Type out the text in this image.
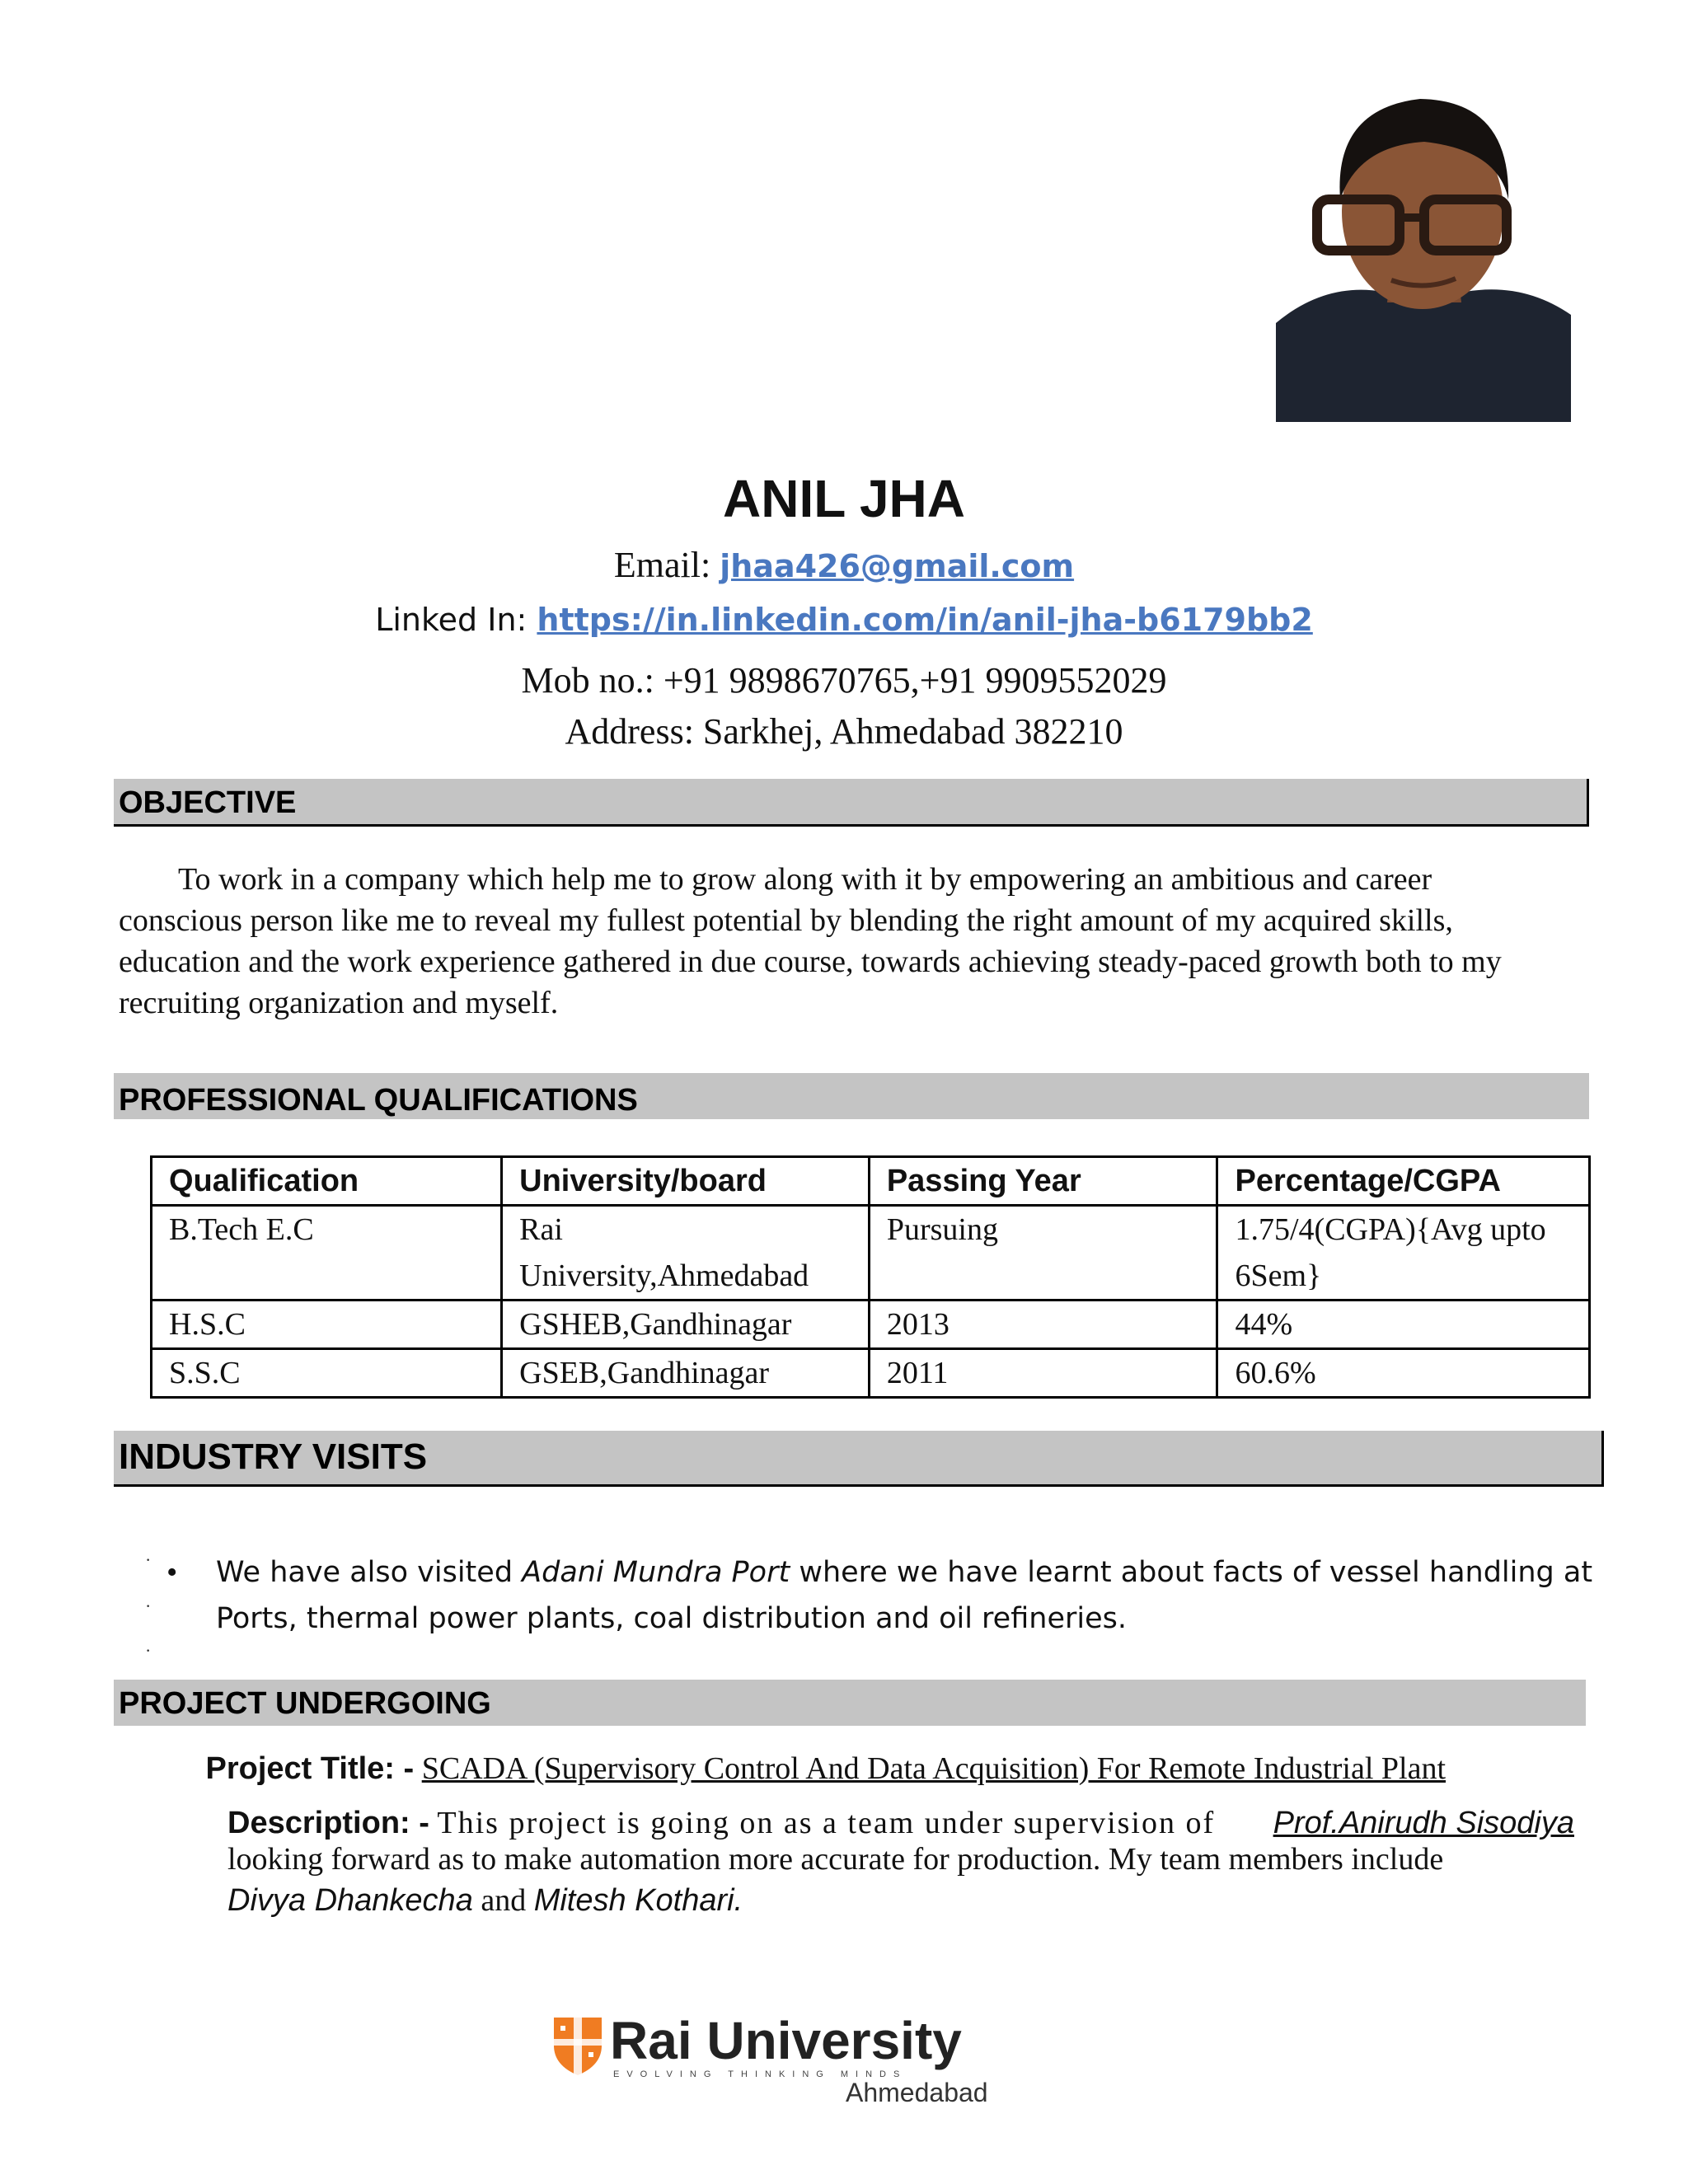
ANIL JHA
Email: jhaa426@gmail.com
Linked In: https://in.linkedin.com/in/anil-jha-b6179bb2
Mob no.: +91 9898670765,+91 9909552029
Address: Sarkhej, Ahmedabad 382210
OBJECTIVE
To work in a company which help me to grow along with it by empowering an ambitious and career conscious person like me to reveal my fullest potential by blending the right amount of my acquired skills, education and the work experience gathered in due course, towards achieving steady-paced growth both to my recruiting organization and myself.
PROFESSIONAL QUALIFICATIONS
Qualification	University/board	Passing Year	Percentage/CGPA
B.Tech E.C	Rai University,Ahmedabad	Pursuing	1.75/4(CGPA){Avg upto 6Sem}
H.S.C	GSHEB,Gandhinagar	2013	44%
S.S.C	GSEB,Gandhinagar	2011	60.6%
INDUSTRY VISITS
·
·
·
• We have also visited Adani Mundra Port where we have learnt about facts of vessel handling at Ports, thermal power plants, coal distribution and oil refineries.
PROJECT UNDERGOING
Project Title: - SCADA (Supervisory Control And Data Acquisition) For Remote Industrial Plant
Description: - This project is going on as a team under supervision of Prof.Anirudh Sisodiya
looking forward as to make automation more accurate for production. My team members include
Divya Dhankecha and Mitesh Kothari.
Rai University
EVOLVING THINKING MINDS
Ahmedabad
